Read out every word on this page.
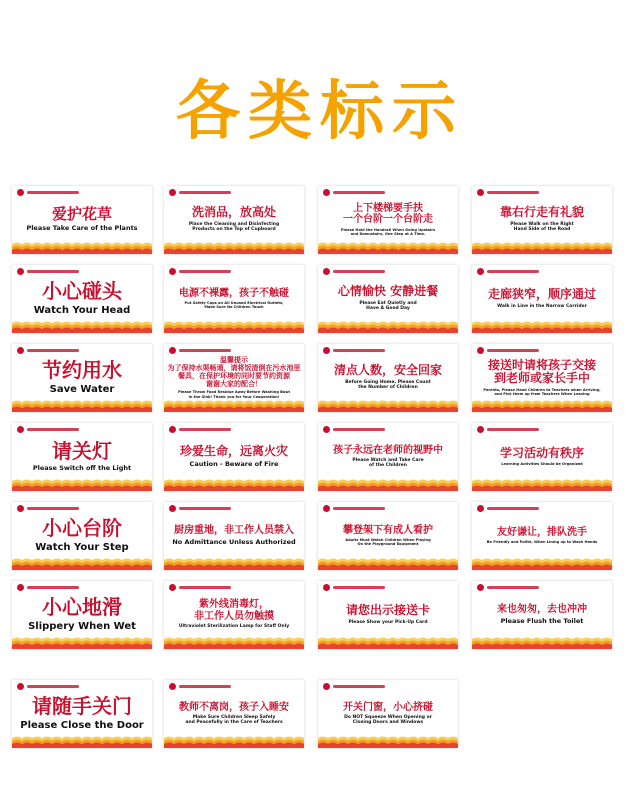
各类标示
爱护花草
Please Take Care of the Plants
洗消品，放高处
Place the Cleaning and Disinfecting
Products on the Top of Cupboard
上下楼梯要手扶
一个台阶一个台阶走
Please Hold the Handrail When Going Upstairs
and Downstairs, One Step at A Time.
靠右行走有礼貌
Please Walk on the Right
Hand Side of the Road
小心碰头
Watch Your Head
电源不裸露，孩子不触碰
Put Safety Caps on All Unused Electrical Outlets,
Make Sure No Children Touch
心情愉快 安静进餐
Please Eat Quietly and
Have A Good Day
走廊狭窄，顺序通过
Walk in Line in the Narrow Corridor
节约用水
Save Water
温馨提示
为了保持水渠畅通，请将饭渣倒在污水池里
餐具，在保护环境的同时要节约资源
谢谢大家的配合！
Please Throw Food Residue Away Before Washing Bowl
in the Sink! Thank you for Your Cooperation!
清点人数，安全回家
Before Going Home, Please Count
the Number of Children
接送时请将孩子交接
到老师或家长手中
Parents, Please Hand Children to Teachers when Arriving,
and Pick them up from Teachers When Leaving
请关灯
Please Switch off the Light
珍爱生命，远离火灾
Caution - Beware of Fire
孩子永远在老师的视野中
Please Watch and Take Care
of the Children
学习活动有秩序
Learning Activities Should be Organized
小心台阶
Watch Your Step
厨房重地，非工作人员禁入
No Admittance Unless Authorized
攀登架下有成人看护
Adults Must Watch Children When Playing
On the Playground Equipment
友好谦让，排队洗手
Be Friendly and Polite, When Lining up to Wash Hands
小心地滑
Slippery When Wet
紫外线消毒灯，
非工作人员勿触摸
Ultraviolet Sterilization Lamp for Staff Only
请您出示接送卡
Please Show your Pick-Up Card
来也匆匆，去也冲冲
Please Flush the Toilet
请随手关门
Please Close the Door
教师不离岗，孩子入睡安
Make Sure Children Sleep Safely
and Peacefully in the Care of Teachers
开关门窗，小心挤碰
Do NOT Squeeze When Opening or
Closing Doors and Windows
